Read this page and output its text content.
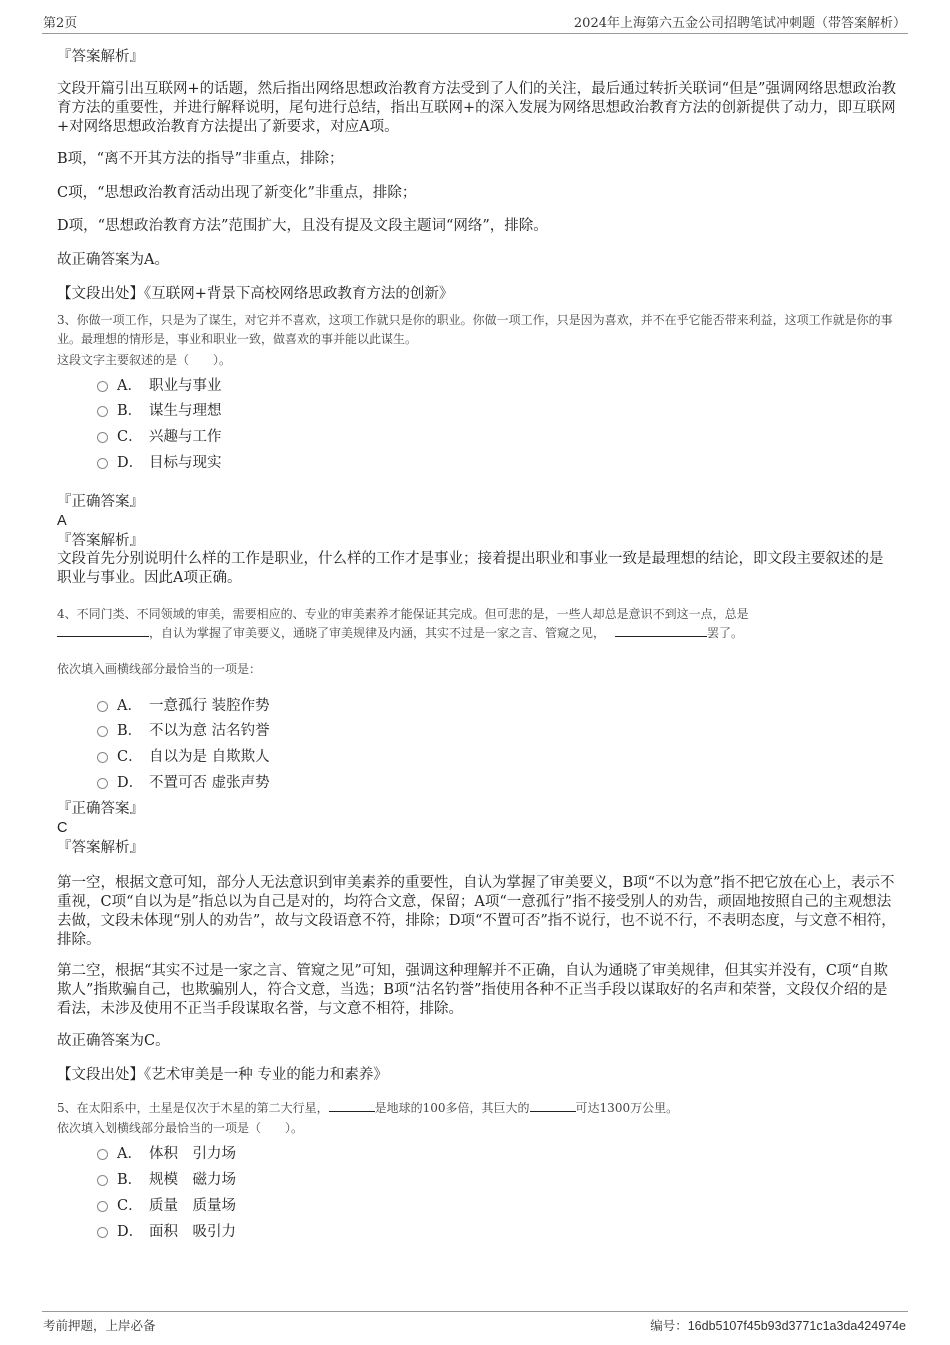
第2页	2024年上海第六五金公司招聘笔试冲刺题（带答案解析）
『答案解析』
文段开篇引出互联网+的话题，然后指出网络思想政治教育方法受到了人们的关注，最后通过转折关联词“但是”强调网络思想政治教育方法的重要性，并进行解释说明，尾句进行总结，指出互联网+的深入发展为网络思想政治教育方法的创新提供了动力，即互联网+对网络思想政治教育方法提出了新要求，对应A项。
B项，“离不开其方法的指导”非重点，排除；
C项，“思想政治教育活动出现了新变化”非重点，排除；
D项，“思想政治教育方法”范围扩大，且没有提及文段主题词“网络”，排除。
故正确答案为A。
【文段出处】《互联网+背景下高校网络思政教育方法的创新》
3、你做一项工作，只是为了谋生，对它并不喜欢，这项工作就只是你的职业。你做一项工作，只是因为喜欢，并不在乎它能否带来利益，这项工作就是你的事业。最理想的情形是，事业和职业一致，做喜欢的事并能以此谋生。
这段文字主要叙述的是（　　）。
A． 职业与事业
B． 谋生与理想
C． 兴趣与工作
D． 目标与现实
『正确答案』
A
『答案解析』
文段首先分别说明什么样的工作是职业，什么样的工作才是事业；接着提出职业和事业一致是最理想的结论，即文段主要叙述的是职业与事业。因此A项正确。
4、不同门类、不同领域的审美，需要相应的、专业的审美素养才能保证其完成。但可悲的是，一些人却总是意识不到这一点，总是
，自认为掌握了审美要义，通晓了审美规律及内涵，其实不过是一家之言、管窥之见，	罢了。
依次填入画横线部分最恰当的一项是：
A． 一意孤行 装腔作势
B． 不以为意 沽名钓誉
C． 自以为是 自欺欺人
D． 不置可否 虚张声势
『正确答案』
C
『答案解析』
第一空，根据文意可知，部分人无法意识到审美素养的重要性，自认为掌握了审美要义，B项“不以为意”指不把它放在心上，表示不重视，C项“自以为是”指总以为自己是对的，均符合文意，保留；A项“一意孤行”指不接受别人的劝告，顽固地按照自己的主观想法去做，文段未体现“别人的劝告”，故与文段语意不符，排除；D项“不置可否”指不说行，也不说不行，不表明态度，与文意不相符，排除。
第二空，根据“其实不过是一家之言、管窥之见”可知，强调这种理解并不正确，自认为通晓了审美规律，但其实并没有，C项“自欺欺人”指欺骗自己，也欺骗别人，符合文意，当选；B项“沽名钓誉”指使用各种不正当手段以谋取好的名声和荣誉，文段仅介绍的是看法，未涉及使用不正当手段谋取名誉，与文意不相符，排除。
故正确答案为C。
【文段出处】《艺术审美是一种 专业的能力和素养》
5、在太阳系中，土星是仅次于木星的第二大行星，	是地球的100多倍，其巨大的	可达1300万公里。
依次填入划横线部分最恰当的一项是（　　）。
A． 体积　引力场
B． 规模　磁力场
C． 质量　质量场
D． 面积　吸引力
考前押题，上岸必备	编号：16db5107f45b93d3771c1a3da424974e
